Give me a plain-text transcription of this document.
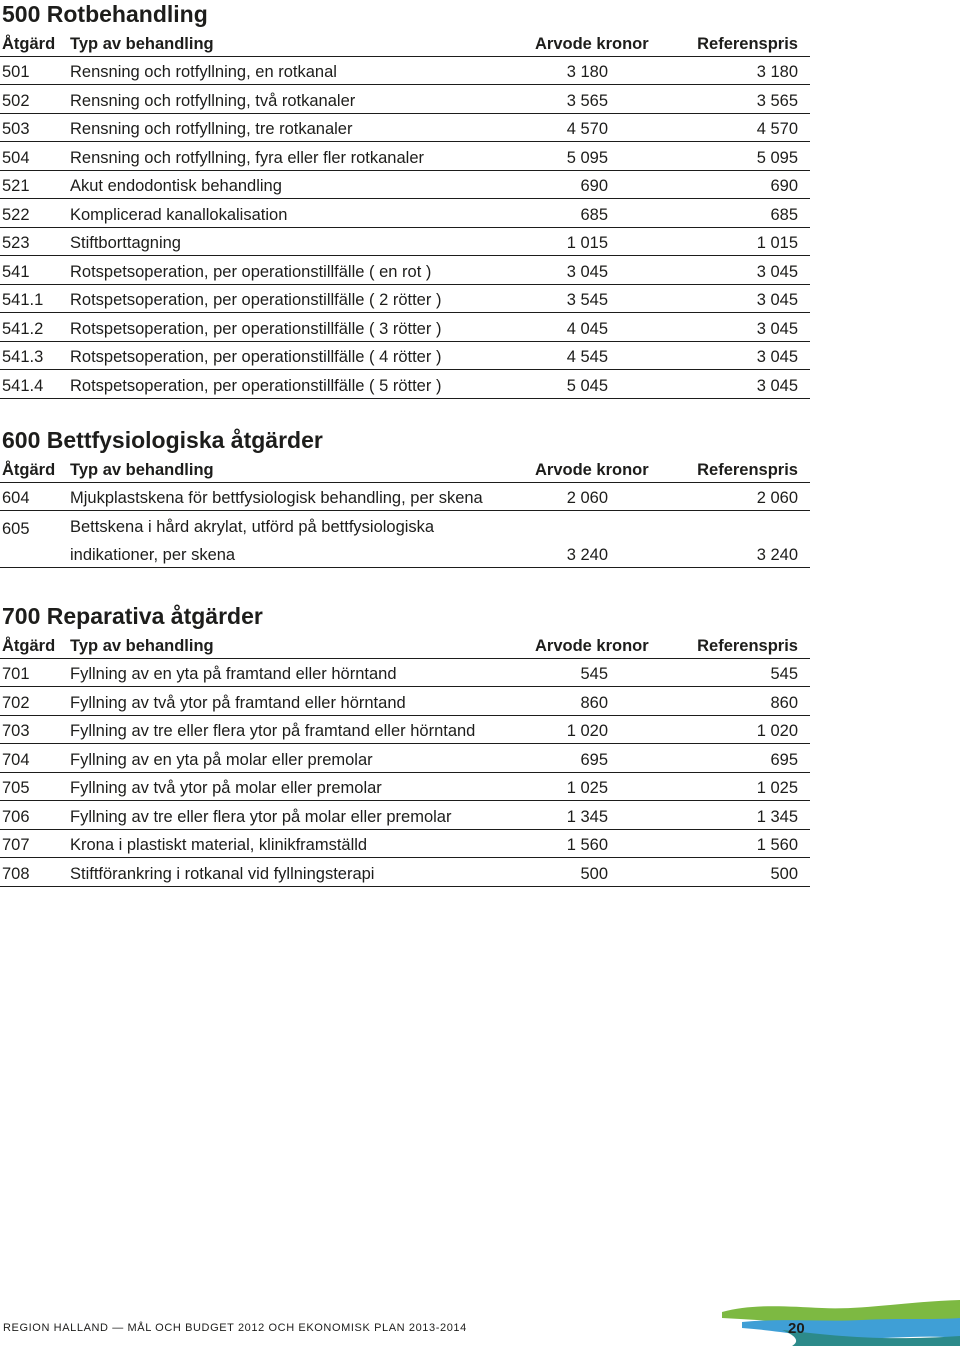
500 Rotbehandling
Åtgärd Typ av behandling	Arvode kronor	Referenspris
501	Rensning och rotfyllning, en rotkanal	3 180	3 180
502	Rensning och rotfyllning, två rotkanaler	3 565	3 565
503	Rensning och rotfyllning, tre rotkanaler	4 570	4 570
504	Rensning och rotfyllning, fyra eller fler rotkanaler	5 095	5 095
521	Akut endodontisk behandling	690	690
522	Komplicerad kanallokalisation	685	685
523	Stiftborttagning	1 015	1 015
541	Rotspetsoperation, per operationstillfälle ( en rot )	3 045	3 045
541.1	Rotspetsoperation, per operationstillfälle ( 2 rötter )	3 545	3 045
541.2	Rotspetsoperation, per operationstillfälle ( 3 rötter )	4 045	3 045
541.3	Rotspetsoperation, per operationstillfälle ( 4 rötter )	4 545	3 045
541.4	Rotspetsoperation, per operationstillfälle ( 5 rötter )	5 045	3 045
600 Bettfysiologiska åtgärder
Åtgärd Typ av behandling	Arvode kronor	Referenspris
604	Mjukplastskena för bettfysiologisk behandling, per skena	2 060	2 060
605	Bettskena i hård akrylat, utförd på bettfysiologiska
indikationer, per skena	3 240	3 240
700 Reparativa åtgärder
Åtgärd Typ av behandling	Arvode kronor	Referenspris
701	Fyllning av en yta på framtand eller hörntand	545	545
702	Fyllning av två ytor på framtand eller hörntand	860	860
703	Fyllning av tre eller flera ytor på framtand eller hörntand	1 020	1 020
704	Fyllning av en yta på molar eller premolar	695	695
705	Fyllning av två ytor på molar eller premolar	1 025	1 025
706	Fyllning av tre eller flera ytor på molar eller premolar	1 345	1 345
707	Krona i plastiskt material, klinikframställd	1 560	1 560
708	Stiftförankring i rotkanal vid fyllningsterapi	500	500
REGION HALLAND — MÅL OCH BUDGET 2012 OCH EKONOMISK PLAN 2013-2014	20
